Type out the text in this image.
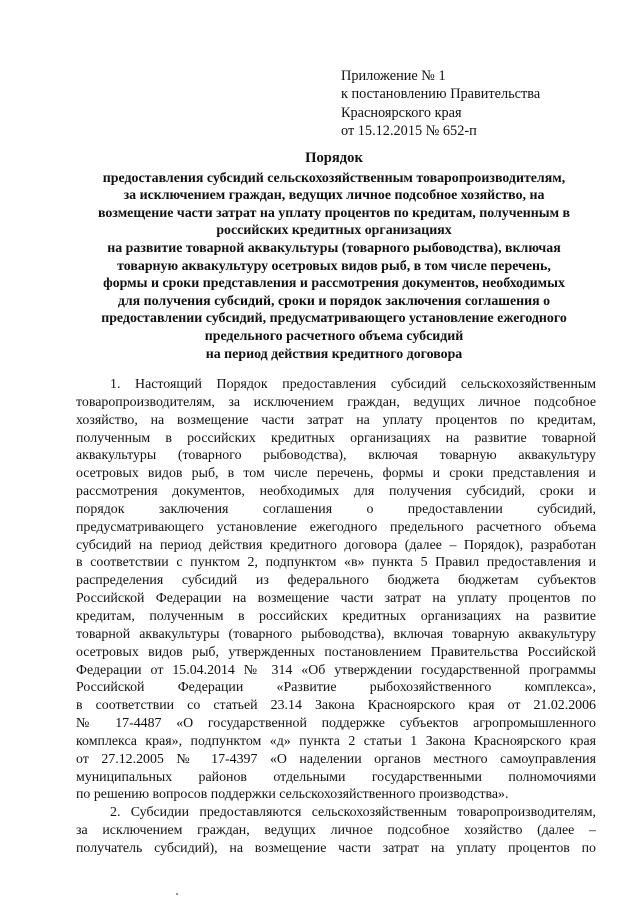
Приложение № 1
к постановлению Правительства
Красноярского края
от 15.12.2015 № 652-п
Порядок
предоставления субсидий сельскохозяйственным товаропроизводителям,
за исключением граждан, ведущих личное подсобное хозяйство, на
возмещение части затрат на уплату процентов по кредитам, полученным в
российских кредитных организациях
на развитие товарной аквакультуры (товарного рыбоводства), включая
товарную аквакультуру осетровых видов рыб, в том числе перечень,
формы и сроки представления и рассмотрения документов, необходимых
для получения субсидий, сроки и порядок заключения соглашения о
предоставлении субсидий, предусматривающего установление ежегодного
предельного расчетного объема субсидий
на период действия кредитного договора
1. Настоящий Порядок предоставления субсидий сельскохозяйственным
товаропроизводителям, за исключением граждан, ведущих личное подсобное
хозяйство, на возмещение части затрат на уплату процентов по кредитам,
полученным в российских кредитных организациях на развитие товарной
аквакультуры (товарного рыбоводства), включая товарную аквакультуру
осетровых видов рыб, в том числе перечень, формы и сроки представления и
рассмотрения документов, необходимых для получения субсидий, сроки и
порядок заключения соглашения о предоставлении субсидий,
предусматривающего установление ежегодного предельного расчетного объема
субсидий на период действия кредитного договора (далее – Порядок), разработан
в соответствии с пунктом 2, подпунктом «в» пункта 5 Правил предоставления и
распределения субсидий из федерального бюджета бюджетам субъектов
Российской Федерации на возмещение части затрат на уплату процентов по
кредитам, полученным в российских кредитных организациях на развитие
товарной аквакультуры (товарного рыбоводства), включая товарную аквакультуру
осетровых видов рыб, утвержденных постановлением Правительства Российской
Федерации от 15.04.2014 № 314 «Об утверждении государственной программы
Российской Федерации «Развитие рыбохозяйственного комплекса»,
в соответствии со статьей 23.14 Закона Красноярского края от 21.02.2006
№ 17-4487 «О государственной поддержке субъектов агропромышленного
комплекса края», подпунктом «д» пункта 2 статьи 1 Закона Красноярского края
от 27.12.2005 № 17-4397 «О наделении органов местного самоуправления
муниципальных районов отдельными государственными полномочиями
по решению вопросов поддержки сельскохозяйственного производства».
2. Субсидии предоставляются сельскохозяйственным товаропроизводителям,
за исключением граждан, ведущих личное подсобное хозяйство (далее –
получатель субсидий), на возмещение части затрат на уплату процентов по
